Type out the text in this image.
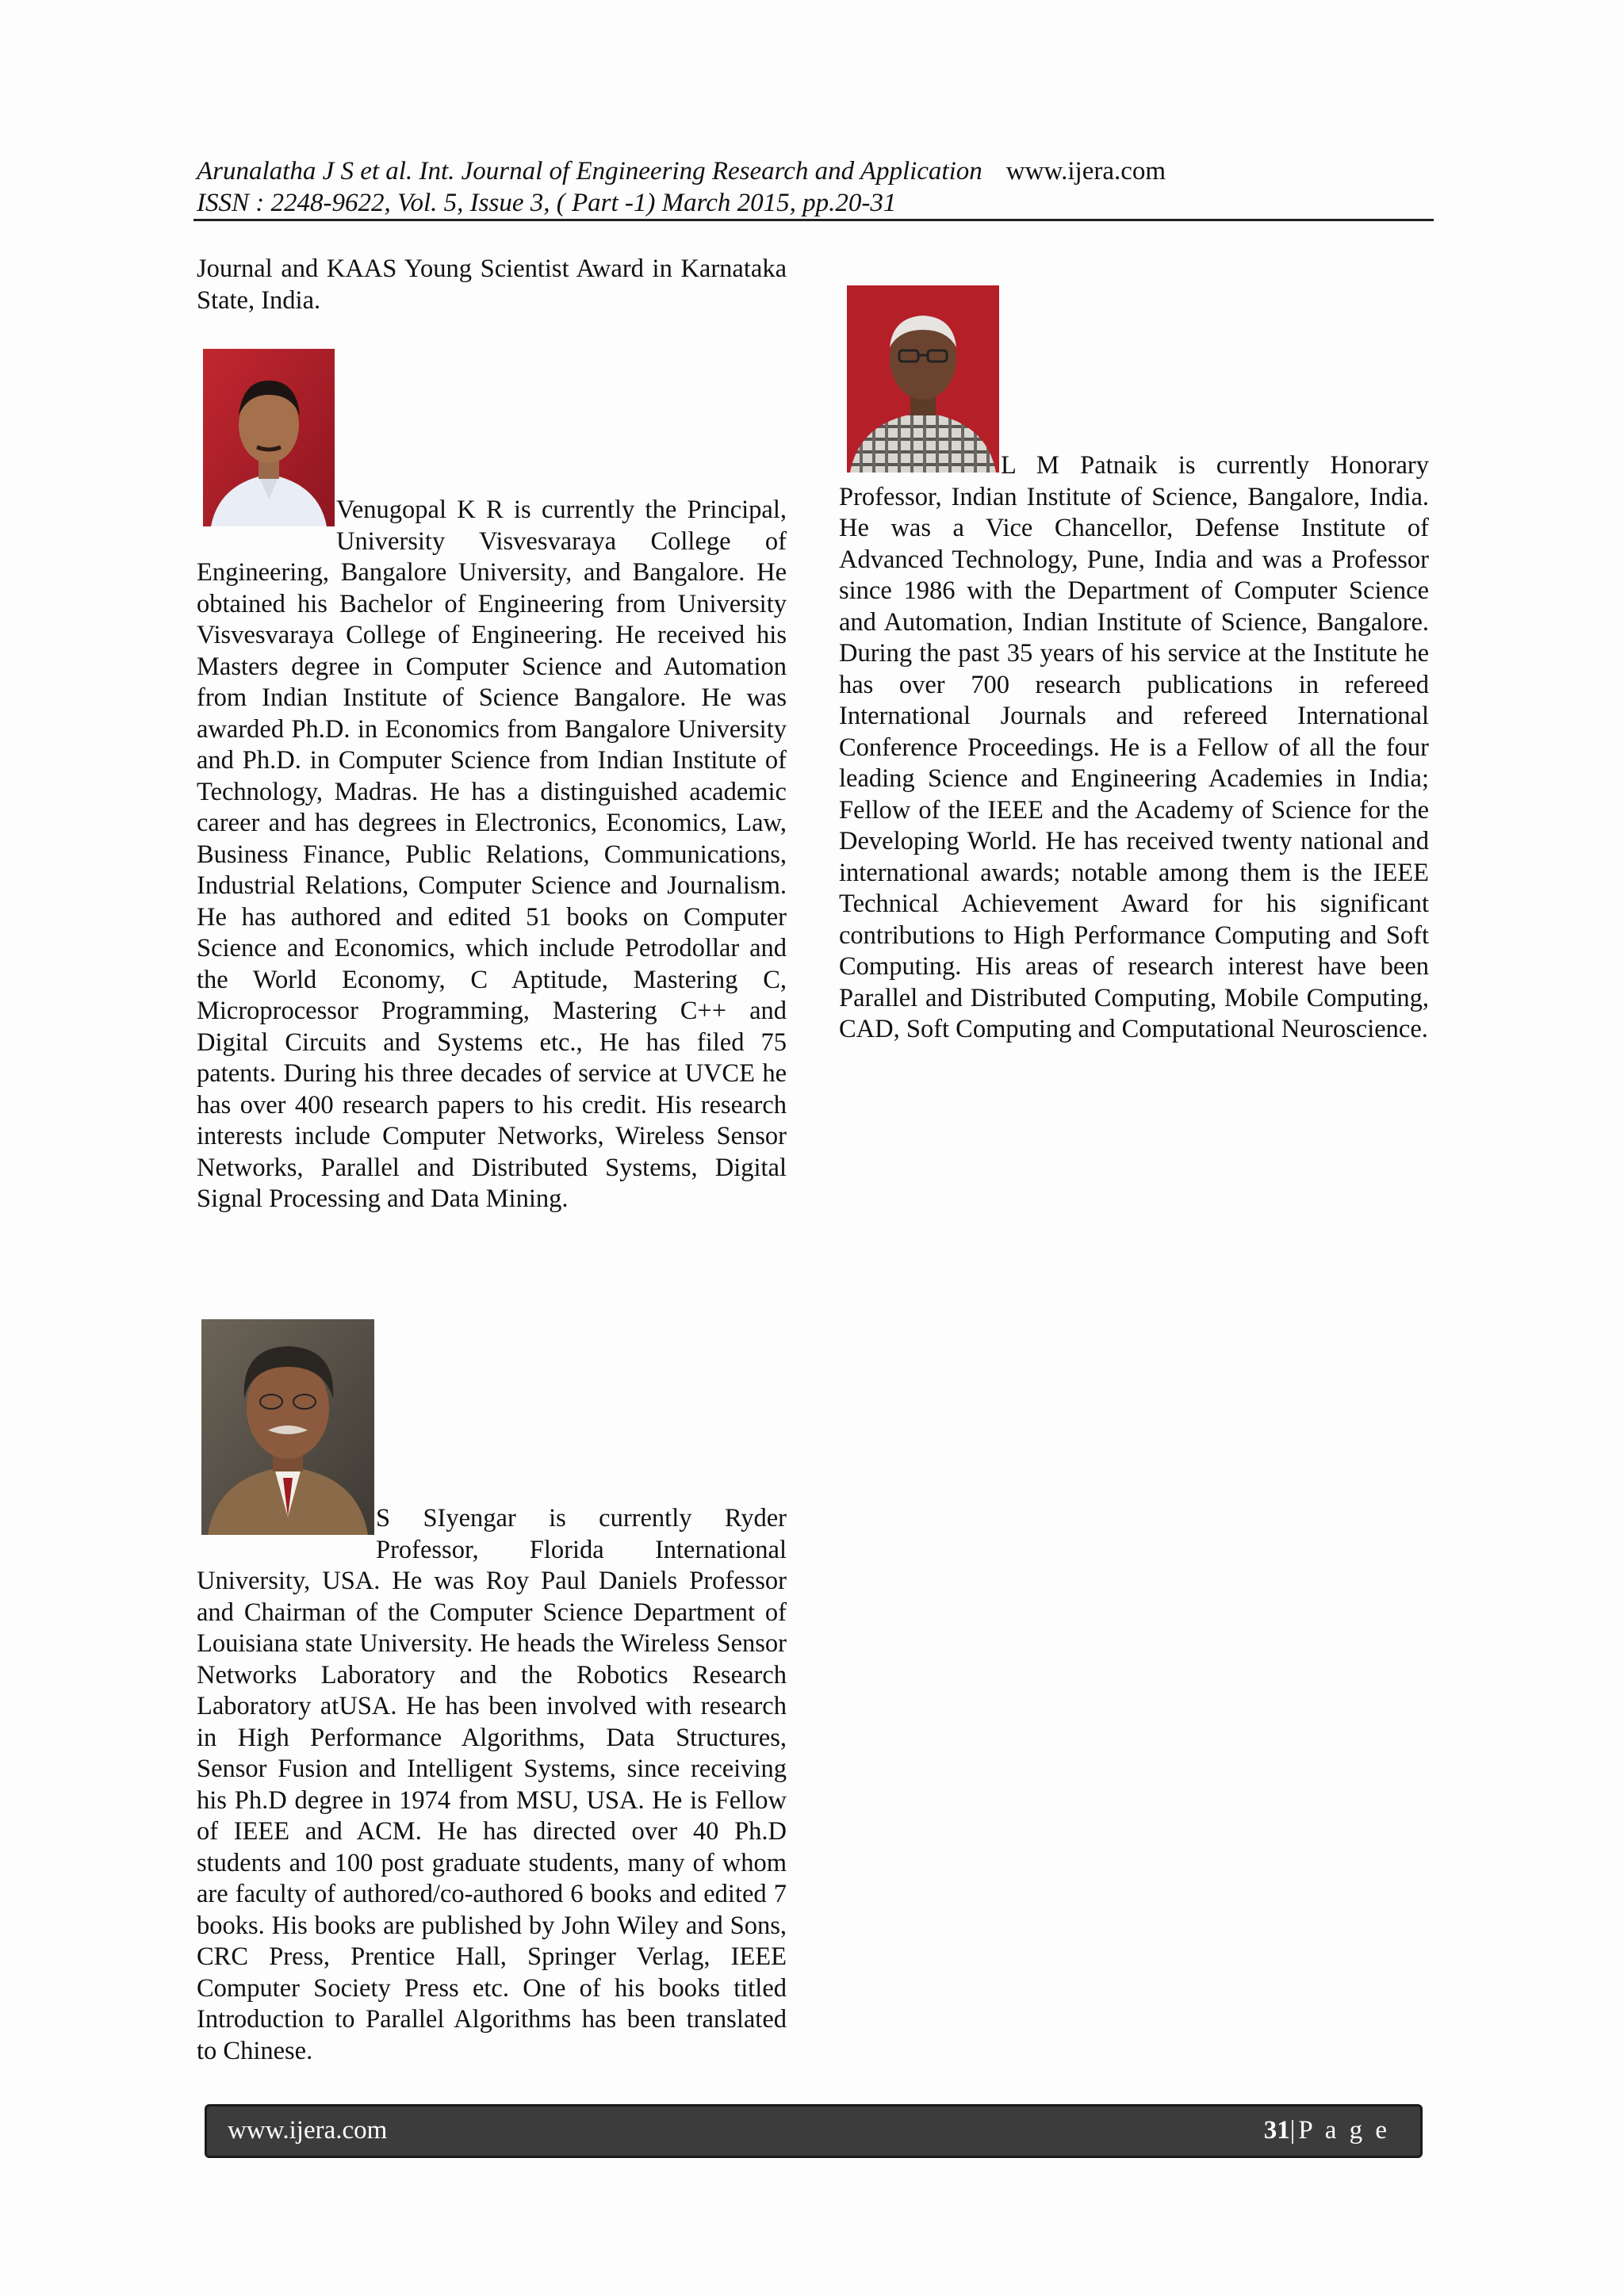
Arunalatha J S et al. Int. Journal of Engineering Research and Application www.ijera.com
ISSN : 2248-9622, Vol. 5, Issue 3, ( Part -1) March 2015, pp.20-31

Journal and KAAS Young Scientist Award in Karnataka State, India.

Venugopal K R is currently the Principal, University Visvesvaraya College of Engineering, Bangalore University, and Bangalore. He obtained his Bachelor of Engineering from University Visvesvaraya College of Engineering. He received his Masters degree in Computer Science and Automation from Indian Institute of Science Bangalore. He was awarded Ph.D. in Economics from Bangalore University and Ph.D. in Computer Science from Indian Institute of Technology, Madras. He has a distinguished academic career and has degrees in Electronics, Economics, Law, Business Finance, Public Relations, Communications, Industrial Relations, Computer Science and Journalism. He has authored and edited 51 books on Computer Science and Economics, which include Petrodollar and the World Economy, C Aptitude, Mastering C, Microprocessor Programming, Mastering C++ and Digital Circuits and Systems etc., He has filed 75 patents. During his three decades of service at UVCE he has over 400 research papers to his credit. His research interests include Computer Networks, Wireless Sensor Networks, Parallel and Distributed Systems, Digital Signal Processing and Data Mining.

S SIyengar is currently Ryder Professor, Florida International University, USA. He was Roy Paul Daniels Professor and Chairman of the Computer Science Department of Louisiana state University. He heads the Wireless Sensor Networks Laboratory and the Robotics Research Laboratory atUSA. He has been involved with research in High Performance Algorithms, Data Structures, Sensor Fusion and Intelligent Systems, since receiving his Ph.D degree in 1974 from MSU, USA. He is Fellow of IEEE and ACM. He has directed over 40 Ph.D students and 100 post graduate students, many of whom are faculty of authored/co-authored 6 books and edited 7 books. His books are published by John Wiley and Sons, CRC Press, Prentice Hall, Springer Verlag, IEEE Computer Society Press etc. One of his books titled Introduction to Parallel Algorithms has been translated to Chinese.

L M Patnaik is currently Honorary Professor, Indian Institute of Science, Bangalore, India. He was a Vice Chancellor, Defense Institute of Advanced Technology, Pune, India and was a Professor since 1986 with the Department of Computer Science and Automation, Indian Institute of Science, Bangalore. During the past 35 years of his service at the Institute he has over 700 research publications in refereed International Journals and refereed International Conference Proceedings. He is a Fellow of all the four leading Science and Engineering Academies in India; Fellow of the IEEE and the Academy of Science for the Developing World. He has received twenty national and international awards; notable among them is the IEEE Technical Achievement Award for his significant contributions to High Performance Computing and Soft Computing. His areas of research interest have been Parallel and Distributed Computing, Mobile Computing, CAD, Soft Computing and Computational Neuroscience.

www.ijera.com	31|P a g e
